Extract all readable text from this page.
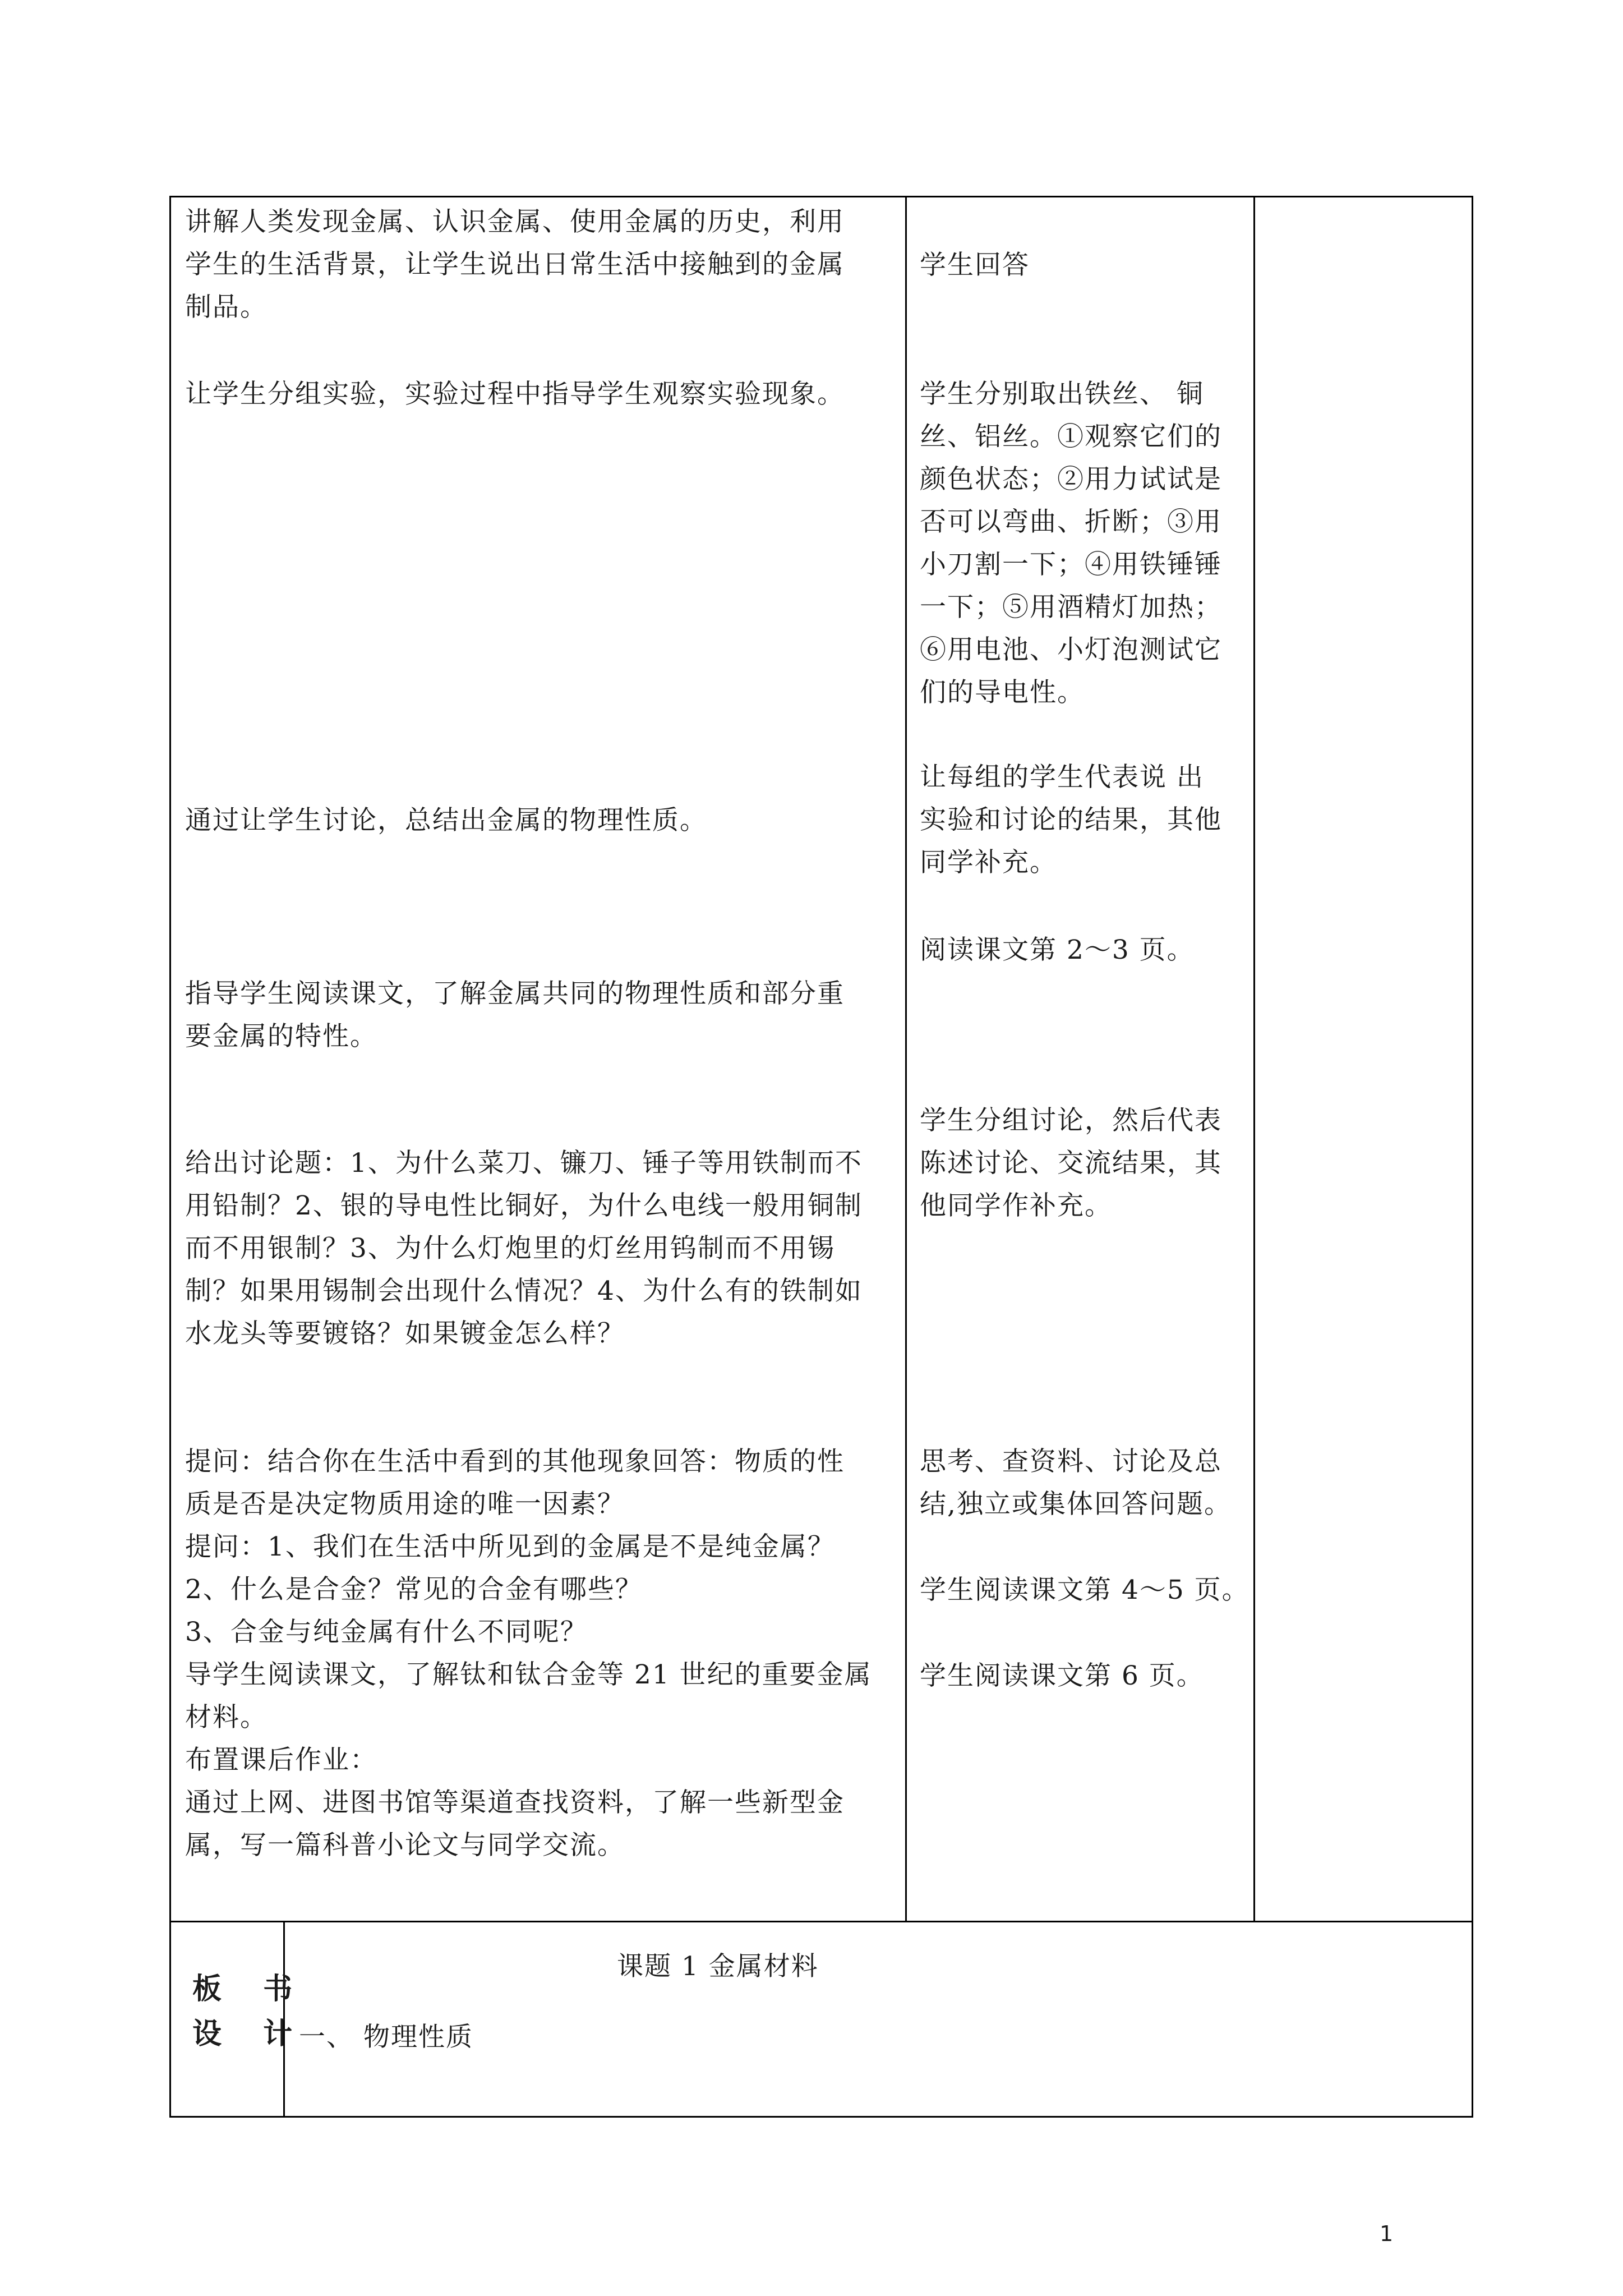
讲解人类发现金属、认识金属、使用金属的历史，利用
学生的生活背景，让学生说出日常生活中接触到的金属
制品。
让学生分组实验，实验过程中指导学生观察实验现象。
通过让学生讨论，总结出金属的物理性质。
指导学生阅读课文，了解金属共同的物理性质和部分重
要金属的特性。
给出讨论题：1、为什么菜刀、镰刀、锤子等用铁制而不
用铅制？2、银的导电性比铜好，为什么电线一般用铜制
而不用银制？3、为什么灯炮里的灯丝用钨制而不用锡
制？如果用锡制会出现什么情况？4、为什么有的铁制如
水龙头等要镀铬？如果镀金怎么样？
提问：结合你在生活中看到的其他现象回答：物质的性
质是否是决定物质用途的唯一因素？
提问：1、我们在生活中所见到的金属是不是纯金属？
2、什么是合金？常见的合金有哪些？
3、合金与纯金属有什么不同呢？
导学生阅读课文，了解钛和钛合金等 21 世纪的重要金属
材料。
布置课后作业：
通过上网、进图书馆等渠道查找资料，了解一些新型金
属，写一篇科普小论文与同学交流。
学生回答
学生分别取出铁丝、 铜
丝、铝丝。①观察它们的
颜色状态；②用力试试是
否可以弯曲、折断；③用
小刀割一下；④用铁锤锤
一下；⑤用酒精灯加热；
⑥用电池、小灯泡测试它
们的导电性。
让每组的学生代表说 出
实验和讨论的结果，其他
同学补充。
阅读课文第 2～3 页。
学生分组讨论，然后代表
陈述讨论、交流结果，其
他同学作补充。
思考、查资料、讨论及总
结,独立或集体回答问题。
学生阅读课文第 4～5 页。
学生阅读课文第 6 页。
板 书
设 计
课题 1 金属材料
一、 物理性质
1
